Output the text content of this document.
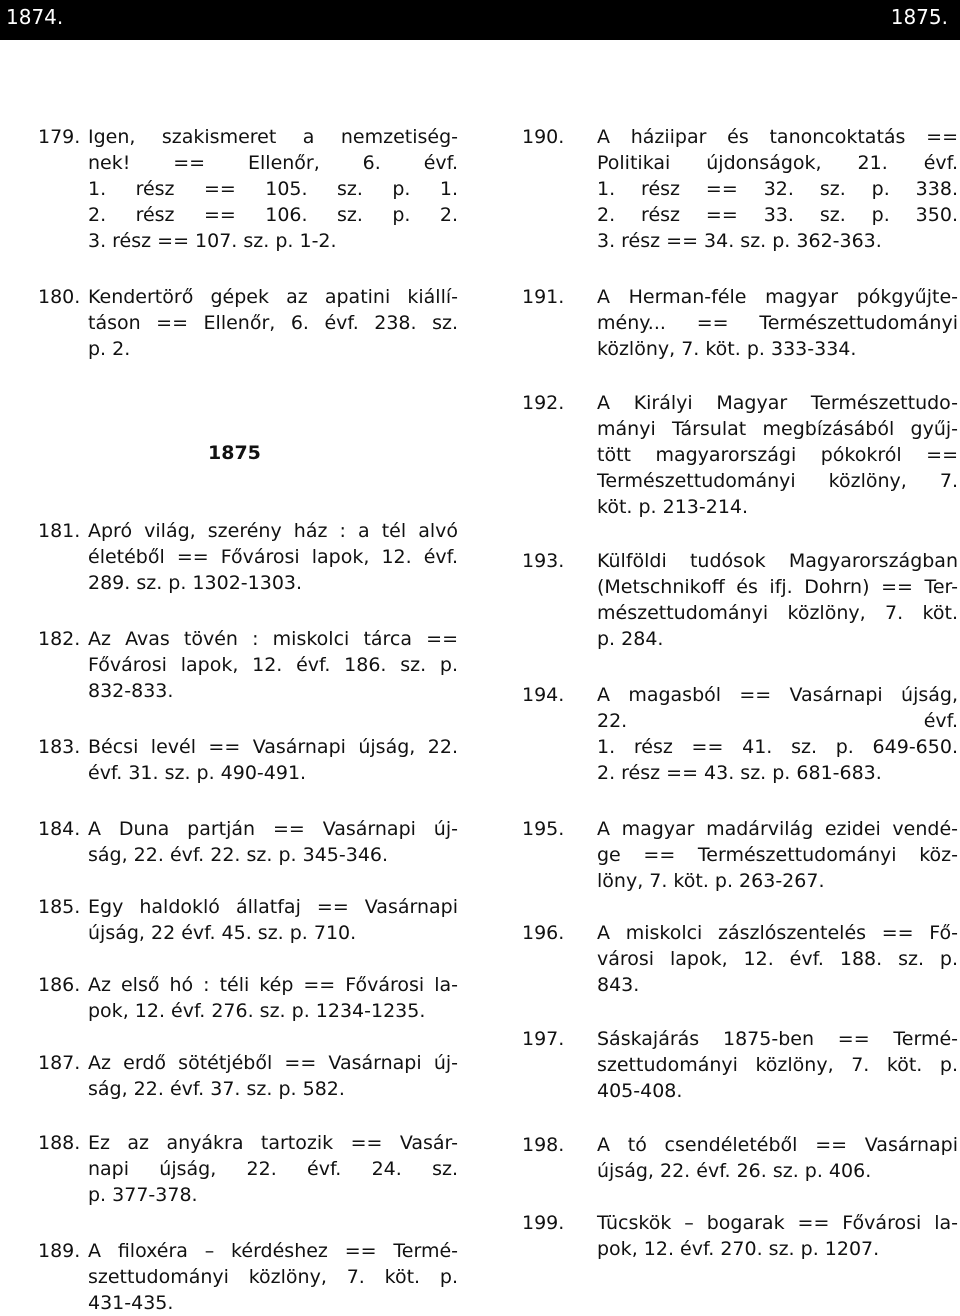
1874.	1875.
1875
179. Igen, szakismeret a nemzetiség-
nek! == Ellenőr, 6. évf.
1. rész == 105. sz. p. 1.
2. rész == 106. sz. p. 2.
3. rész == 107. sz. p. 1-2.
180. Kendertörő gépek az apatini kiállí-
táson == Ellenőr, 6. évf. 238. sz.
p. 2.
181. Apró világ, szerény ház : a tél alvó
életéből == Fővárosi lapok, 12. évf.
289. sz. p. 1302-1303.
182. Az Avas tövén : miskolci tárca ==
Fővárosi lapok, 12. évf. 186. sz. p.
832-833.
183. Bécsi levél == Vasárnapi újság, 22.
évf. 31. sz. p. 490-491.
184. A Duna partján == Vasárnapi új-
ság, 22. évf. 22. sz. p. 345-346.
185. Egy haldokló állatfaj == Vasárnapi
újság, 22 évf. 45. sz. p. 710.
186. Az első hó : téli kép == Fővárosi la-
pok, 12. évf. 276. sz. p. 1234-1235.
187. Az erdő sötétjéből == Vasárnapi új-
ság, 22. évf. 37. sz. p. 582.
188. Ez az anyákra tartozik == Vasár-
napi újság, 22. évf. 24. sz.
p. 377-378.
189. A filoxéra – kérdéshez == Termé-
szettudományi közlöny, 7. köt. p.
431-435.
190. A háziipar és tanoncoktatás ==
Politikai újdonságok, 21. évf.
1. rész == 32. sz. p. 338.
2. rész == 33. sz. p. 350.
3. rész == 34. sz. p. 362-363.
191. A Herman-féle magyar pókgyűjte-
mény... == Természettudományi
közlöny, 7. köt. p. 333-334.
192. A Királyi Magyar Természettudo-
mányi Társulat megbízásából gyűj-
tött magyarországi pókokról ==
Természettudományi közlöny, 7.
köt. p. 213-214.
193. Külföldi tudósok Magyarországban
(Metschnikoff és ifj. Dohrn) == Ter-
mészettudományi közlöny, 7. köt.
p. 284.
194. A magasból == Vasárnapi újság,
22. évf.
1. rész == 41. sz. p. 649-650.
2. rész == 43. sz. p. 681-683.
195. A magyar madárvilág ezidei vendé-
ge == Természettudományi köz-
löny, 7. köt. p. 263-267.
196. A miskolci zászlószentelés == Fő-
városi lapok, 12. évf. 188. sz. p.
843.
197. Sáskajárás 1875-ben == Termé-
szettudományi közlöny, 7. köt. p.
405-408.
198. A tó csendéletéből == Vasárnapi
újság, 22. évf. 26. sz. p. 406.
199. Tücskök – bogarak == Fővárosi la-
pok, 12. évf. 270. sz. p. 1207.
